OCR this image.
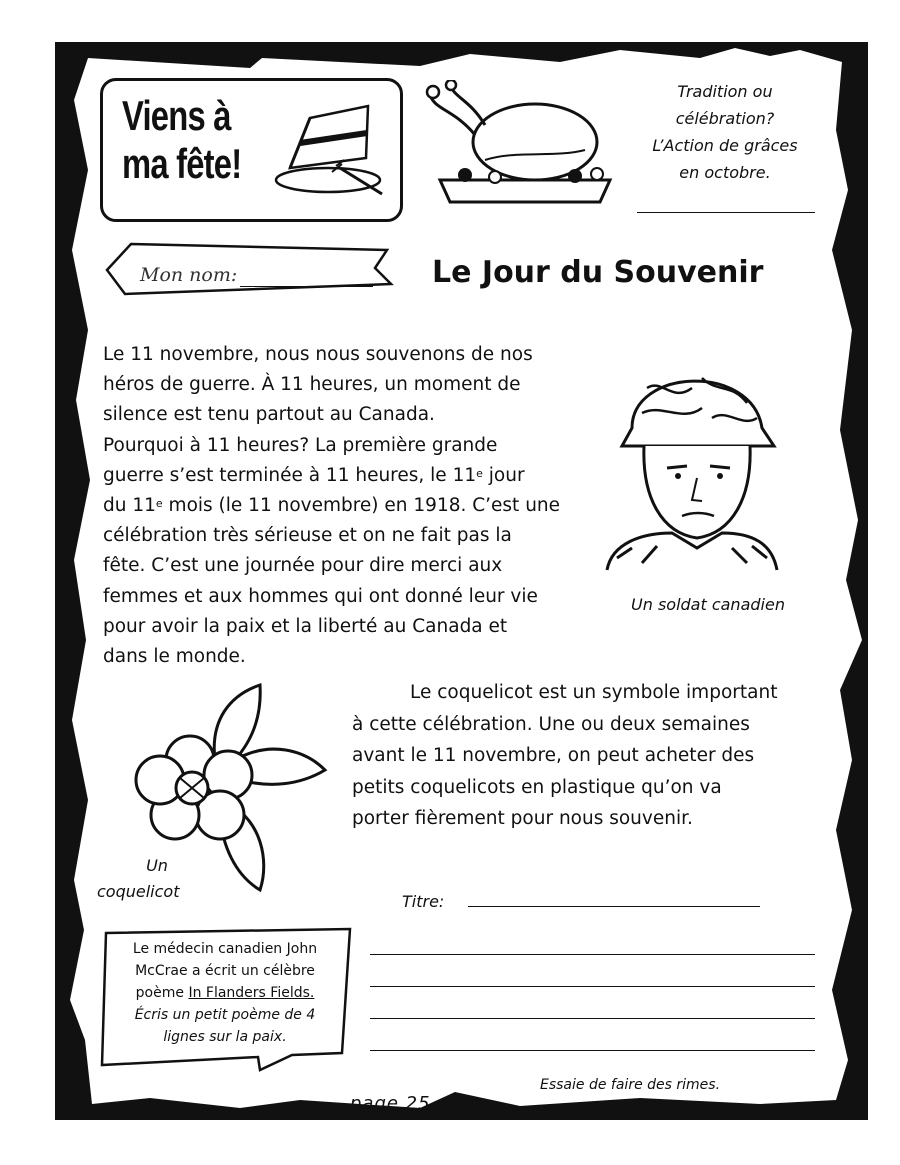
Viens à
ma fête!
Tradition ou
célébration?
L’Action de grâces
en octobre.
Mon nom:	Le Jour du Souvenir
Le 11 novembre, nous nous souvenons de nos
héros de guerre. À 11 heures, un moment de
silence est tenu partout au Canada.
Pourquoi à 11 heures? La première grande
guerre s’est terminée à 11 heures, le 11e jour
du 11e mois (le 11 novembre) en 1918. C’est une
célébration très sérieuse et on ne fait pas la
fête. C’est une journée pour dire merci aux
femmes et aux hommes qui ont donné leur vie
pour avoir la paix et la liberté au Canada et
dans le monde.
Un soldat canadien
Le coquelicot est un symbole important
à cette célébration. Une ou deux semaines
avant le 11 novembre, on peut acheter des
petits coquelicots en plastique qu’on va
porter fièrement pour nous souvenir.
Un
coquelicot
Titre:
Le médecin canadien John
McCrae a écrit un célèbre
poème In Flanders Fields.
Écris un petit poème de 4
lignes sur la paix.
Essaie de faire des rimes.
page 25
